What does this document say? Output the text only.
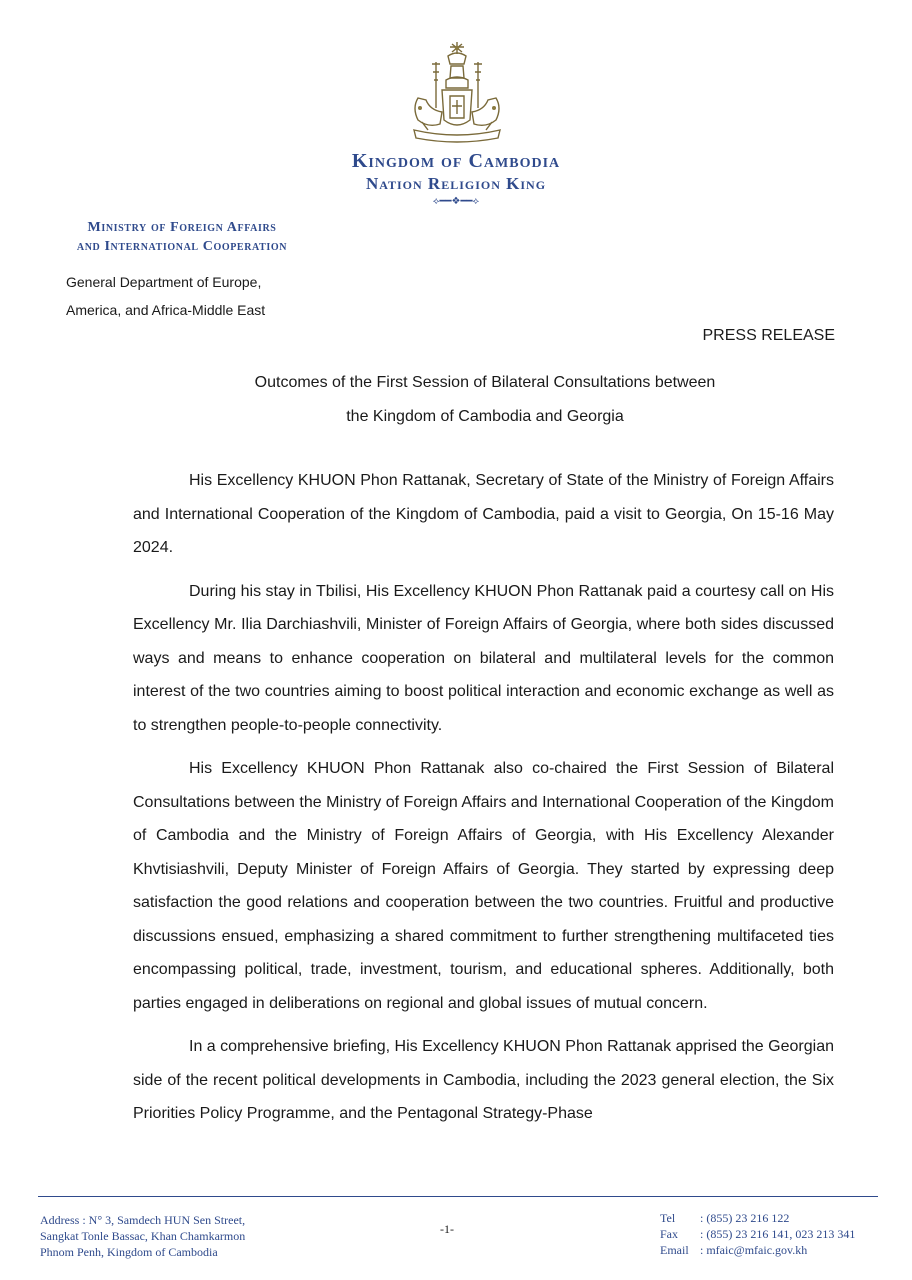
Kingdom of Cambodia
Nation Religion King
⟡━━❖━━⟡
Ministry of Foreign Affairs
and International Cooperation
General Department of Europe,
America, and Africa-Middle East
PRESS RELEASE
Outcomes of the First Session of Bilateral Consultations between
the Kingdom of Cambodia and Georgia

His Excellency KHUON Phon Rattanak, Secretary of State of the Ministry of Foreign Affairs and International Cooperation of the Kingdom of Cambodia, paid a visit to Georgia, On 15-16 May 2024.

During his stay in Tbilisi, His Excellency KHUON Phon Rattanak paid a courtesy call on His Excellency Mr. Ilia Darchiashvili, Minister of Foreign Affairs of Georgia, where both sides discussed ways and means to enhance cooperation on bilateral and multilateral levels for the common interest of the two countries aiming to boost political interaction and economic exchange as well as to strengthen people-to-people connectivity.

His Excellency KHUON Phon Rattanak also co-chaired the First Session of Bilateral Consultations between the Ministry of Foreign Affairs and International Cooperation of the Kingdom of Cambodia and the Ministry of Foreign Affairs of Georgia, with His Excellency Alexander Khvtisiashvili, Deputy Minister of Foreign Affairs of Georgia. They started by expressing deep satisfaction the good relations and cooperation between the two countries. Fruitful and productive discussions ensued, emphasizing a shared commitment to further strengthening multifaceted ties encompassing political, trade, investment, tourism, and educational spheres. Additionally, both parties engaged in deliberations on regional and global issues of mutual concern.

In a comprehensive briefing, His Excellency KHUON Phon Rattanak apprised the Georgian side of the recent political developments in Cambodia, including the 2023 general election, the Six Priorities Policy Programme, and the Pentagonal Strategy-Phase

Address : N° 3, Samdech HUN Sen Street,
Sangkat Tonle Bassac, Khan Chamkarmon
Phnom Penh, Kingdom of Cambodia
-1-
Tel	: (855) 23 216 122
Fax	: (855) 23 216 141, 023 213 341
Email : mfaic@mfaic.gov.kh
